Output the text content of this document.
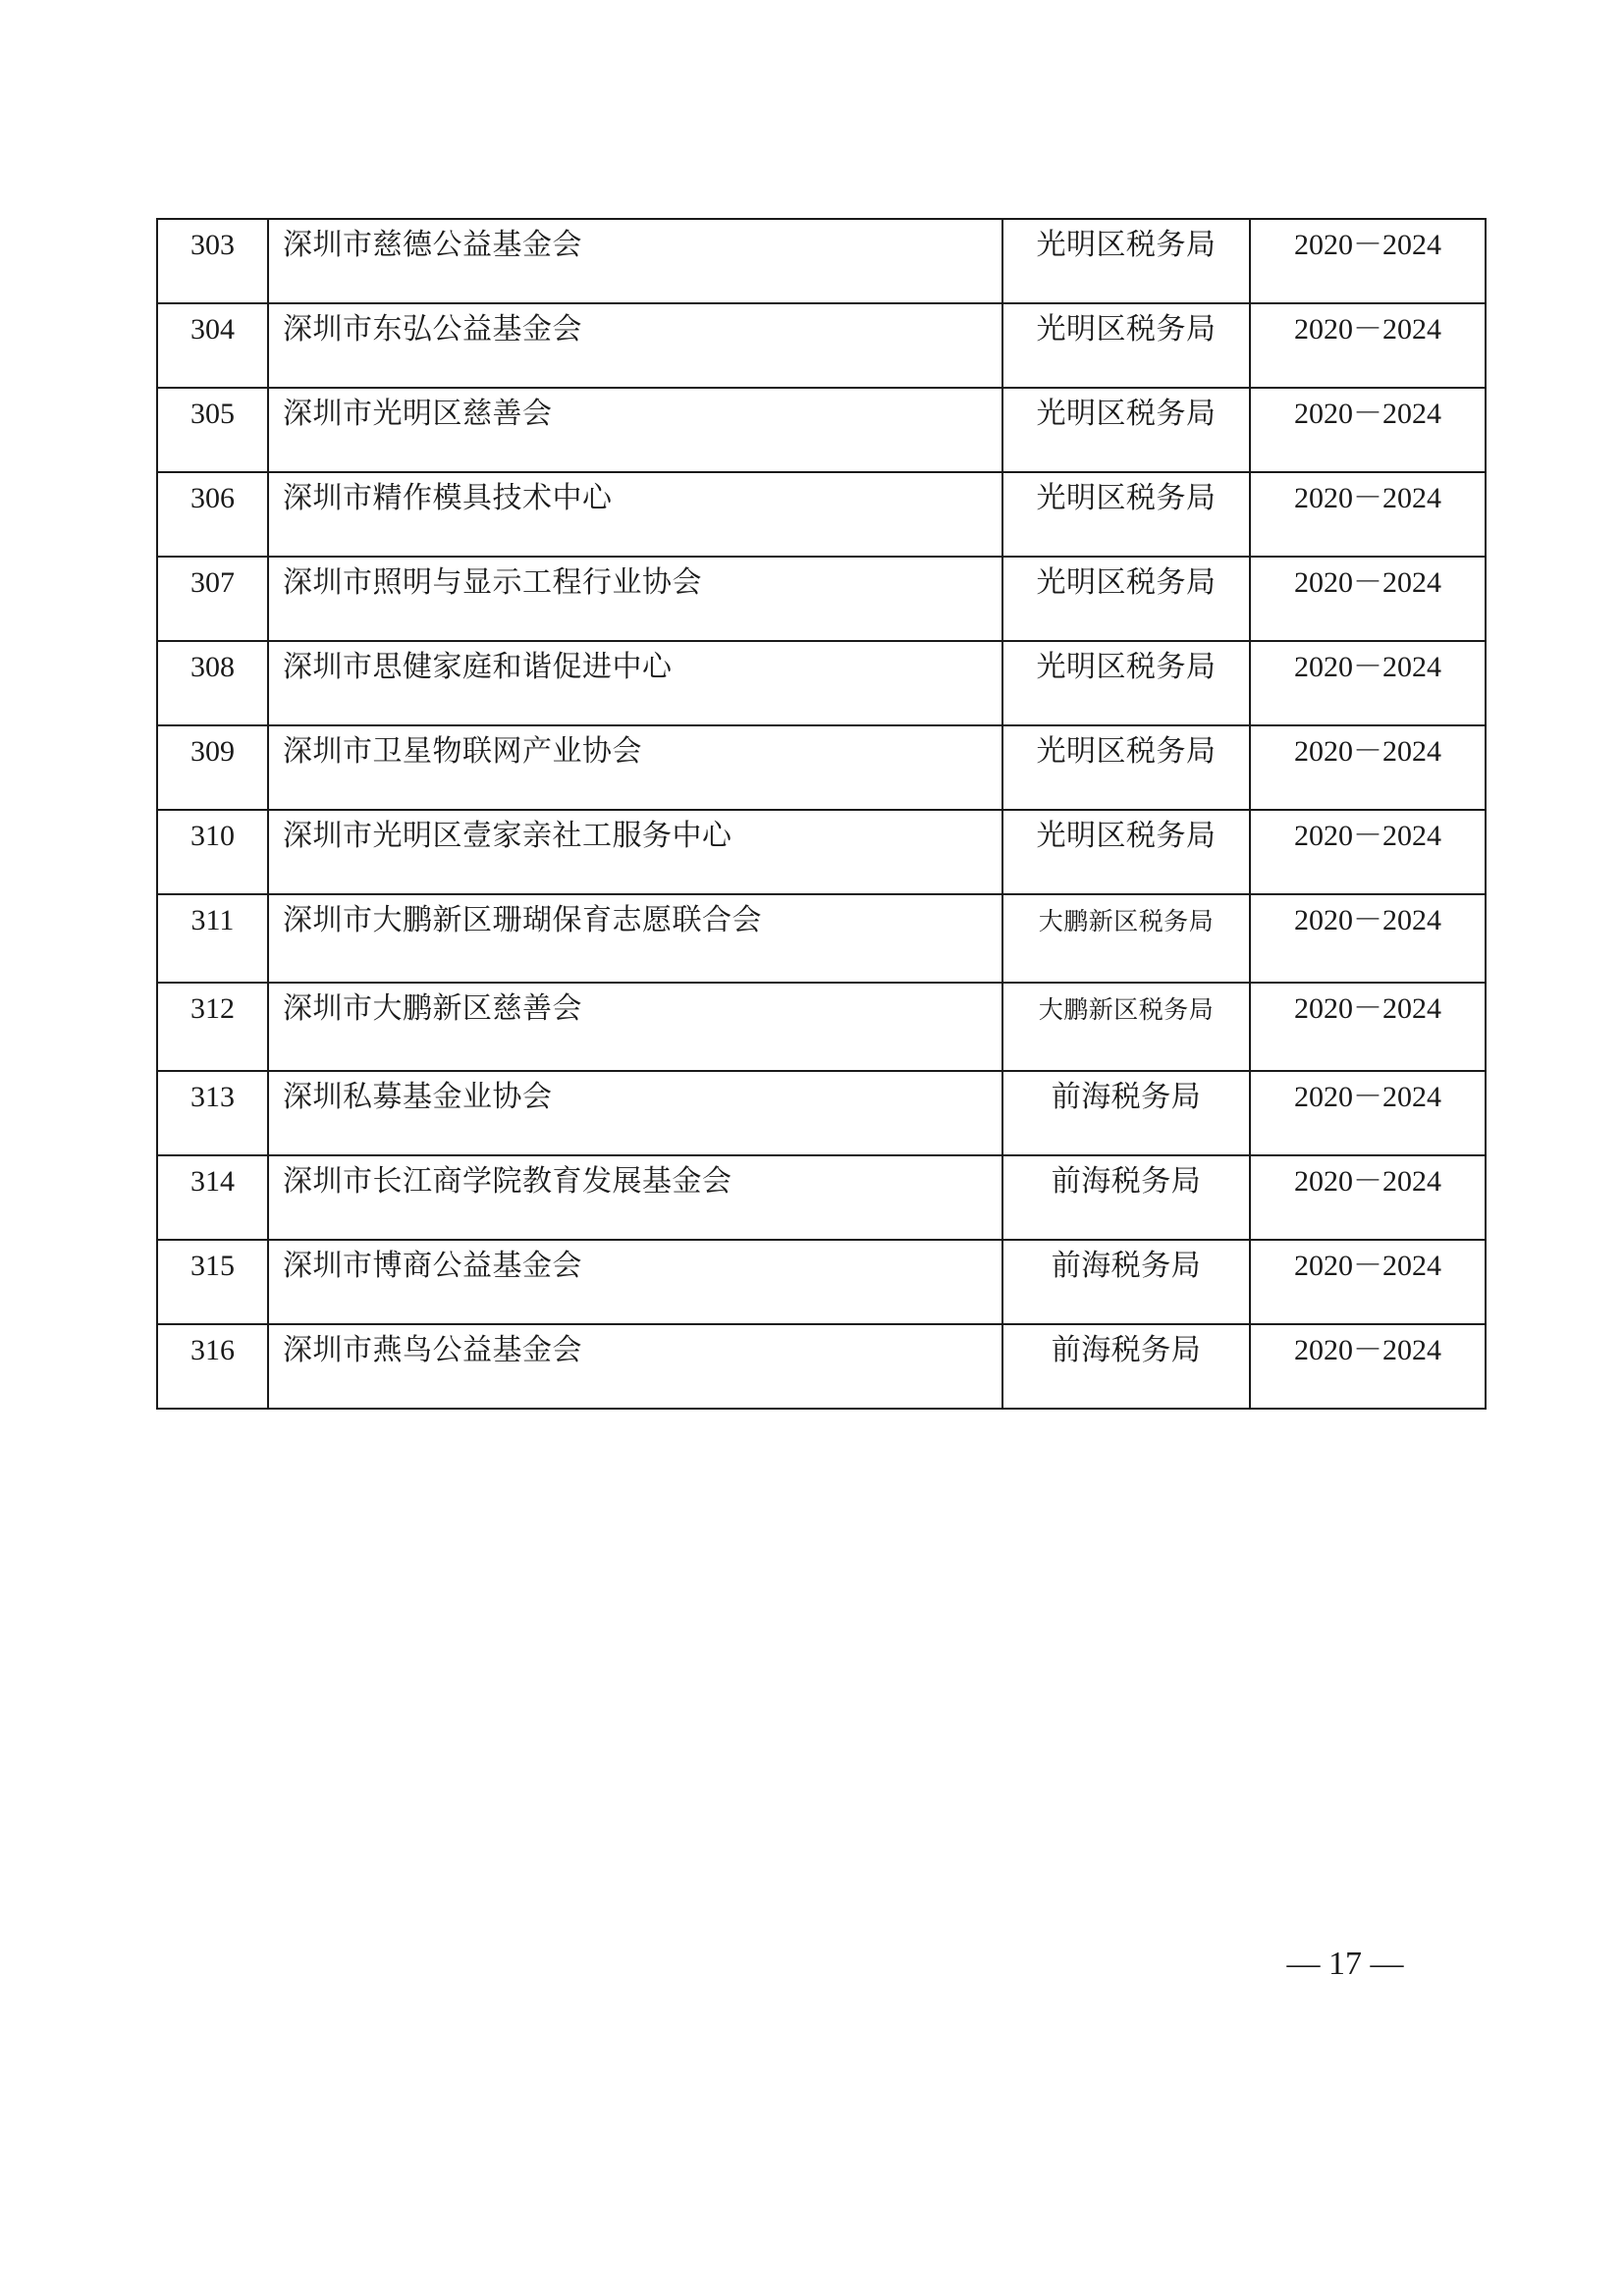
303	深圳市慈德公益基金会	光明区税务局	2020－2024
304	深圳市东弘公益基金会	光明区税务局	2020－2024
305	深圳市光明区慈善会	光明区税务局	2020－2024
306	深圳市精作模具技术中心	光明区税务局	2020－2024
307	深圳市照明与显示工程行业协会	光明区税务局	2020－2024
308	深圳市思健家庭和谐促进中心	光明区税务局	2020－2024
309	深圳市卫星物联网产业协会	光明区税务局	2020－2024
310	深圳市光明区壹家亲社工服务中心	光明区税务局	2020－2024
311	深圳市大鹏新区珊瑚保育志愿联合会	大鹏新区税务局	2020－2024
312	深圳市大鹏新区慈善会	大鹏新区税务局	2020－2024
313	深圳私募基金业协会	前海税务局	2020－2024
314	深圳市长江商学院教育发展基金会	前海税务局	2020－2024
315	深圳市博商公益基金会	前海税务局	2020－2024
316	深圳市燕鸟公益基金会	前海税务局	2020－2024
— 17 —
